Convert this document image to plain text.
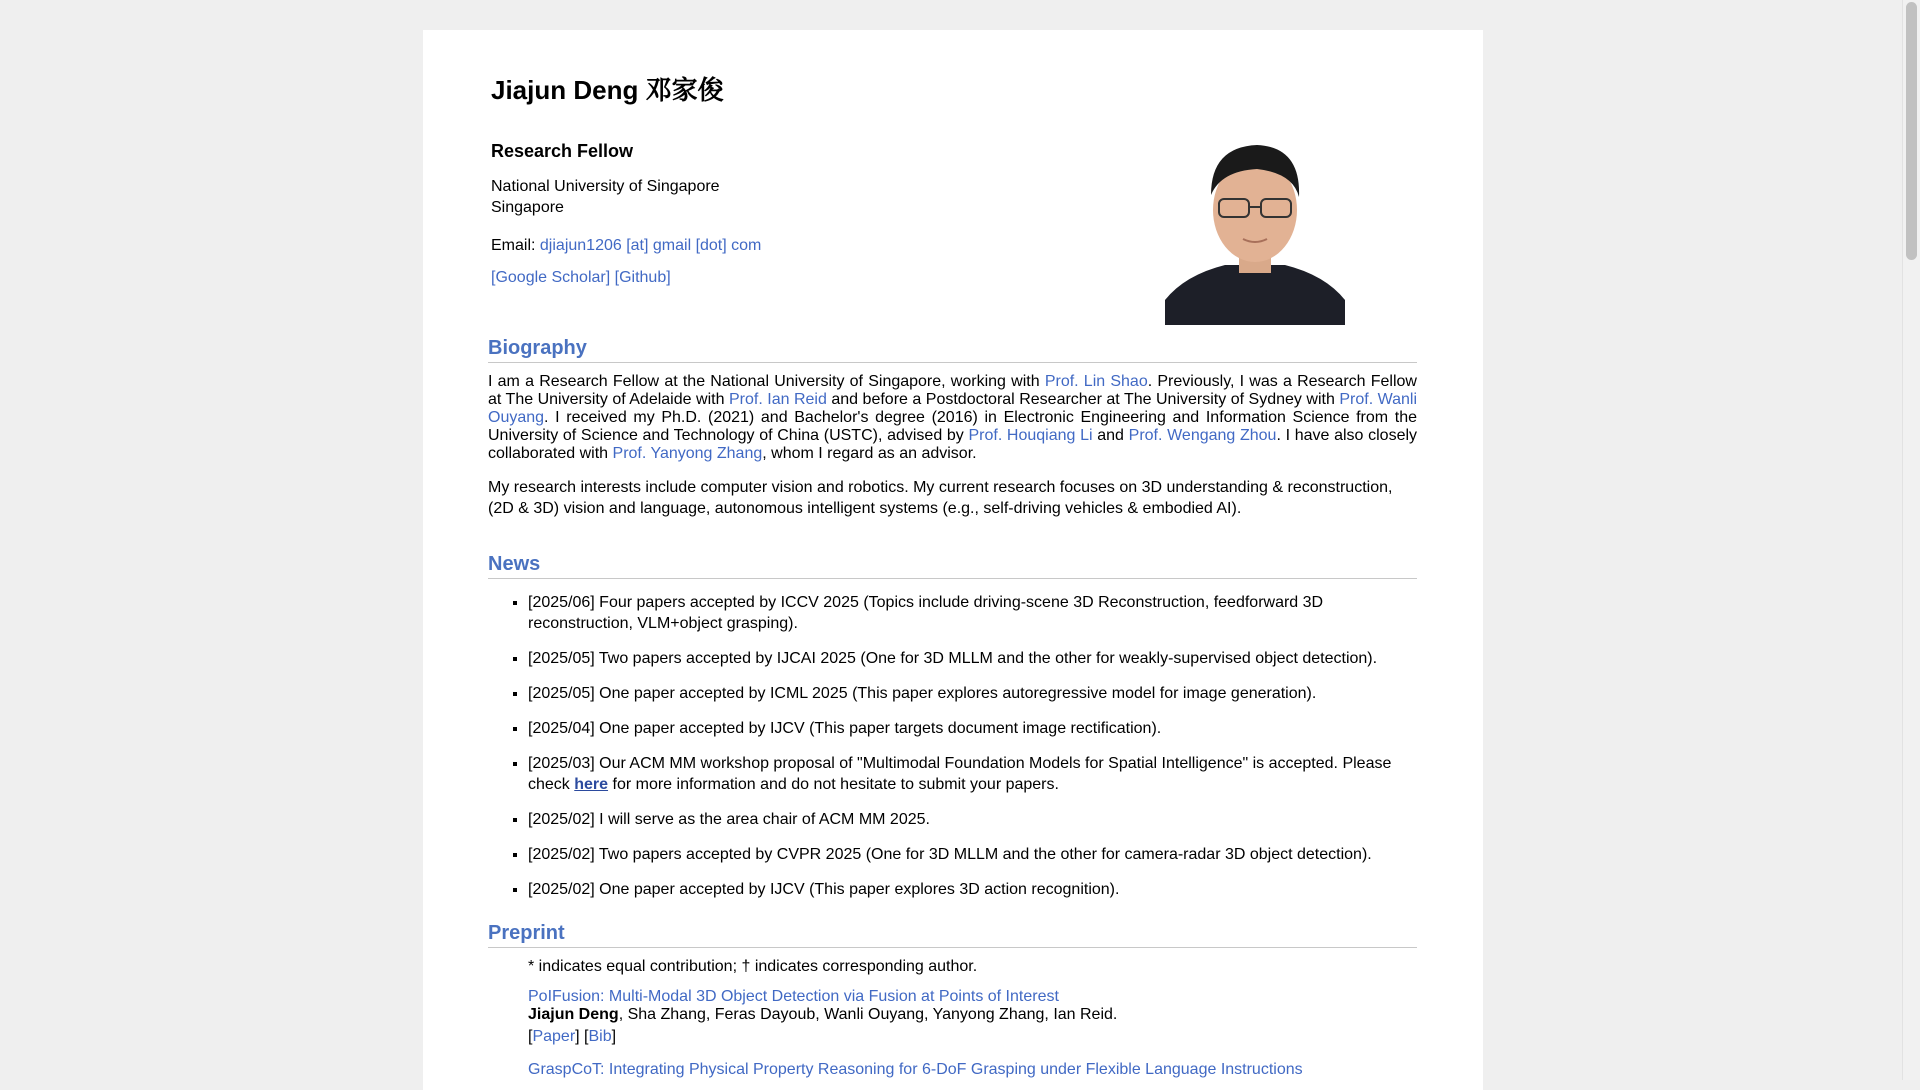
Jiajun Deng 邓家俊
Research Fellow
National University of Singapore
Singapore
Email: djiajun1206 [at] gmail [dot] com
[Google Scholar] [Github]
Biography

I am a Research Fellow at the National University of Singapore, working with Prof. Lin Shao. Previously, I was a Research Fellow at The University of Adelaide with Prof. Ian Reid and before a Postdoctoral Researcher at The University of Sydney with Prof. Wanli Ouyang. I received my Ph.D. (2021) and Bachelor's degree (2016) in Electronic Engineering and Information Science from the University of Science and Technology of China (USTC), advised by Prof. Houqiang Li and Prof. Wengang Zhou. I have also closely collaborated with Prof. Yanyong Zhang, whom I regard as an advisor.

My research interests include computer vision and robotics. My current research focuses on 3D understanding & reconstruction, (2D & 3D) vision and language, autonomous intelligent systems (e.g., self-driving vehicles & embodied AI).

News
▪ [2025/06] Four papers accepted by ICCV 2025 (Topics include driving-scene 3D Reconstruction, feedforward 3D reconstruction, VLM+object grasping).
▪ [2025/05] Two papers accepted by IJCAI 2025 (One for 3D MLLM and the other for weakly-supervised object detection).
▪ [2025/05] One paper accepted by ICML 2025 (This paper explores autoregressive model for image generation).
▪ [2025/04] One paper accepted by IJCV (This paper targets document image rectification).
▪ [2025/03] Our ACM MM workshop proposal of "Multimodal Foundation Models for Spatial Intelligence" is accepted. Please check here for more information and do not hesitate to submit your papers.
▪ [2025/02] I will serve as the area chair of ACM MM 2025.
▪ [2025/02] Two papers accepted by CVPR 2025 (One for 3D MLLM and the other for camera-radar 3D object detection).
▪ [2025/02] One paper accepted by IJCV (This paper explores 3D action recognition).
Preprint
* indicates equal contribution; † indicates corresponding author.
PoIFusion: Multi-Modal 3D Object Detection via Fusion at Points of Interest
Jiajun Deng, Sha Zhang, Feras Dayoub, Wanli Ouyang, Yanyong Zhang, Ian Reid.
[Paper] [Bib]
GraspCoT: Integrating Physical Property Reasoning for 6-DoF Grasping under Flexible Language Instructions
